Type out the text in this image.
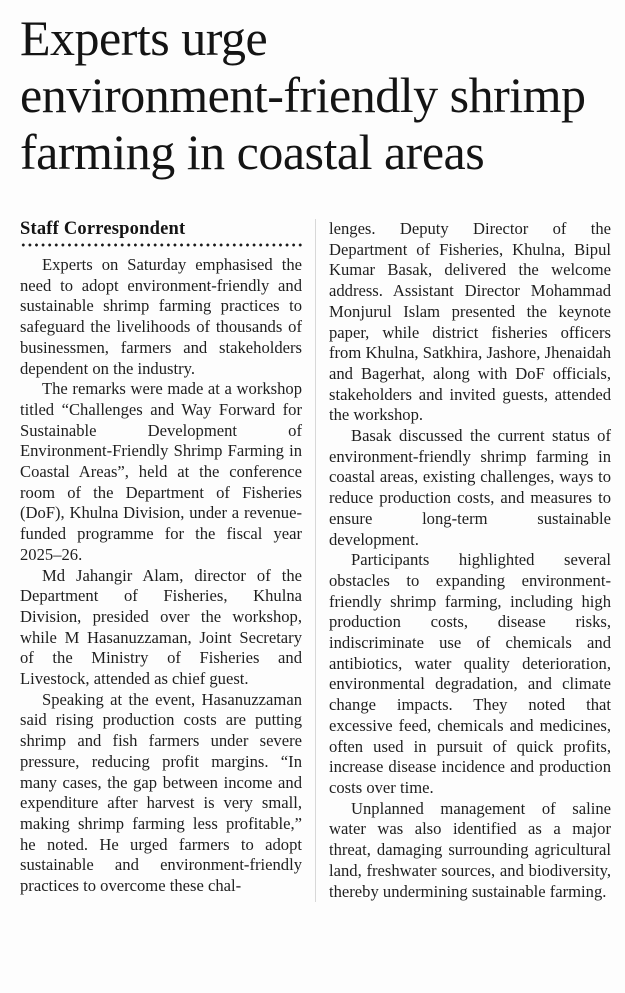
Experts urge
environment-friendly shrimp
farming in coastal areas
Staff Correspondent

Experts on Saturday emphasised the need to adopt environment-friendly and sustainable shrimp farming practices to safeguard the livelihoods of thousands of businessmen, farmers and stakeholders dependent on the industry.

The remarks were made at a workshop titled “Challenges and Way Forward for Sustainable Development of Environment-Friendly Shrimp Farming in Coastal Areas”, held at the conference room of the Department of Fisheries (DoF), Khulna Division, under a revenue-funded programme for the fiscal year 2025–26.

Md Jahangir Alam, director of the Department of Fisheries, Khulna Division, presided over the workshop, while M Hasanuzzaman, Joint Secretary of the Ministry of Fisheries and Livestock, attended as chief guest.

Speaking at the event, Hasanuzzaman said rising production costs are putting shrimp and fish farmers under severe pressure, reducing profit margins. “In many cases, the gap between income and expenditure after harvest is very small, making shrimp farming less profitable,” he noted. He urged farmers to adopt sustainable and environment-friendly practices to overcome these chal-

lenges. Deputy Director of the Department of Fisheries, Khulna, Bipul Kumar Basak, delivered the welcome address. Assistant Director Mohammad Monjurul Islam presented the keynote paper, while district fisheries officers from Khulna, Satkhira, Jashore, Jhenaidah and Bagerhat, along with DoF officials, stakeholders and invited guests, attended the workshop.

Basak discussed the current status of environment-friendly shrimp farming in coastal areas, existing challenges, ways to reduce production costs, and measures to ensure long-term sustainable development.

Participants highlighted several obstacles to expanding environment-friendly shrimp farming, including high production costs, disease risks, indiscriminate use of chemicals and antibiotics, water quality deterioration, environmental degradation, and climate change impacts. They noted that excessive feed, chemicals and medicines, often used in pursuit of quick profits, increase disease incidence and production costs over time.

Unplanned management of saline water was also identified as a major threat, damaging surrounding agricultural land, freshwater sources, and biodiversity, thereby undermining sustainable farming.
